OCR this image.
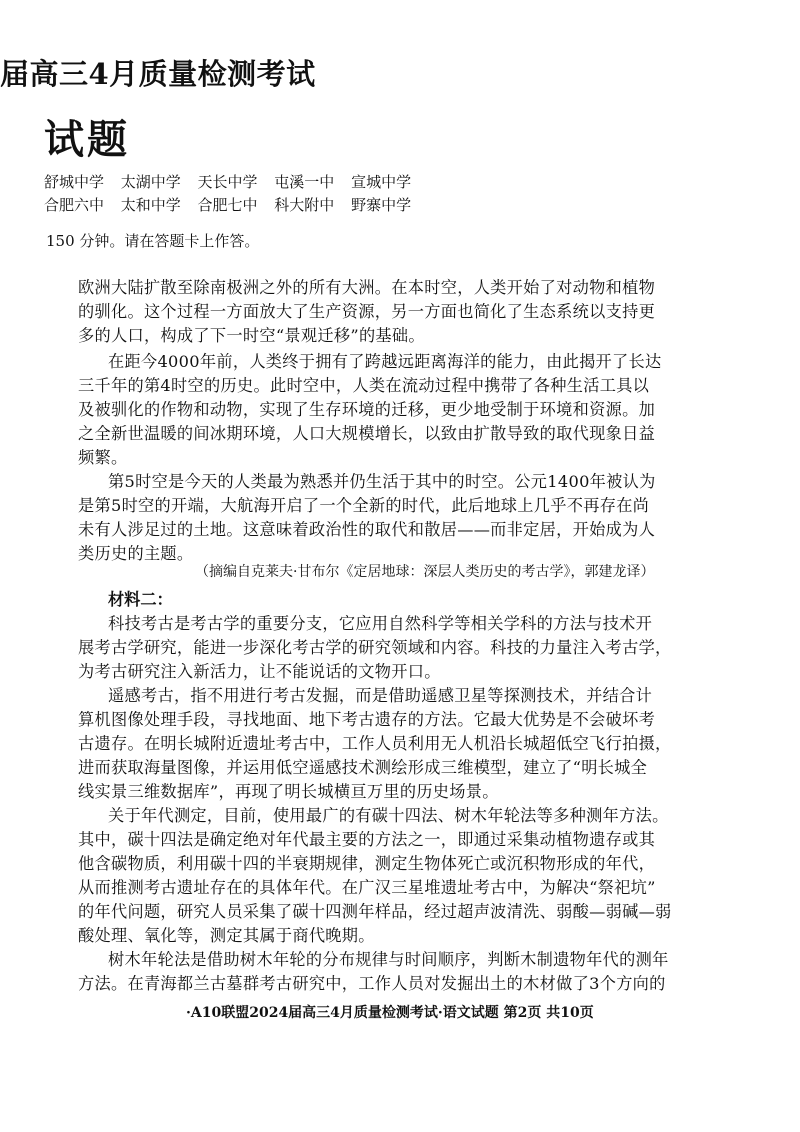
届高三4月质量检测考试
试题
舒城中学 太湖中学 天长中学 屯溪一中 宣城中学
合肥六中 太和中学 合肥七中 科大附中 野寨中学
150 分钟。请在答题卡上作答。
欧洲大陆扩散至除南极洲之外的所有大洲。在本时空，人类开始了对动物和植物
的驯化。这个过程一方面放大了生产资源，另一方面也简化了生态系统以支持更
多的人口，构成了下一时空“景观迁移”的基础。
在距今4000年前，人类终于拥有了跨越远距离海洋的能力，由此揭开了长达
三千年的第4时空的历史。此时空中，人类在流动过程中携带了各种生活工具以
及被驯化的作物和动物，实现了生存环境的迁移，更少地受制于环境和资源。加
之全新世温暖的间冰期环境，人口大规模增长，以致由扩散导致的取代现象日益
频繁。
第5时空是今天的人类最为熟悉并仍生活于其中的时空。公元1400年被认为
是第5时空的开端，大航海开启了一个全新的时代，此后地球上几乎不再存在尚
未有人涉足过的土地。这意味着政治性的取代和散居——而非定居，开始成为人
类历史的主题。
（摘编自克莱夫·甘布尔《定居地球：深层人类历史的考古学》，郭建龙译）
材料二：
科技考古是考古学的重要分支，它应用自然科学等相关学科的方法与技术开
展考古学研究，能进一步深化考古学的研究领域和内容。科技的力量注入考古学，
为考古研究注入新活力，让不能说话的文物开口。
遥感考古，指不用进行考古发掘，而是借助遥感卫星等探测技术，并结合计
算机图像处理手段，寻找地面、地下考古遗存的方法。它最大优势是不会破坏考
古遗存。在明长城附近遗址考古中，工作人员利用无人机沿长城超低空飞行拍摄，
进而获取海量图像，并运用低空遥感技术测绘形成三维模型，建立了“明长城全
线实景三维数据库”，再现了明长城横亘万里的历史场景。
关于年代测定，目前，使用最广的有碳十四法、树木年轮法等多种测年方法。
其中，碳十四法是确定绝对年代最主要的方法之一，即通过采集动植物遗存或其
他含碳物质，利用碳十四的半衰期规律，测定生物体死亡或沉积物形成的年代，
从而推测考古遗址存在的具体年代。在广汉三星堆遗址考古中，为解决“祭祀坑”
的年代问题，研究人员采集了碳十四测年样品，经过超声波清洗、弱酸—弱碱—弱
酸处理、氧化等，测定其属于商代晚期。
树木年轮法是借助树木年轮的分布规律与时间顺序，判断木制遗物年代的测年
方法。在青海都兰古墓群考古研究中，工作人员对发掘出土的木材做了3个方向的
·A10联盟2024届高三4月质量检测考试·语文试题 第2页 共10页
